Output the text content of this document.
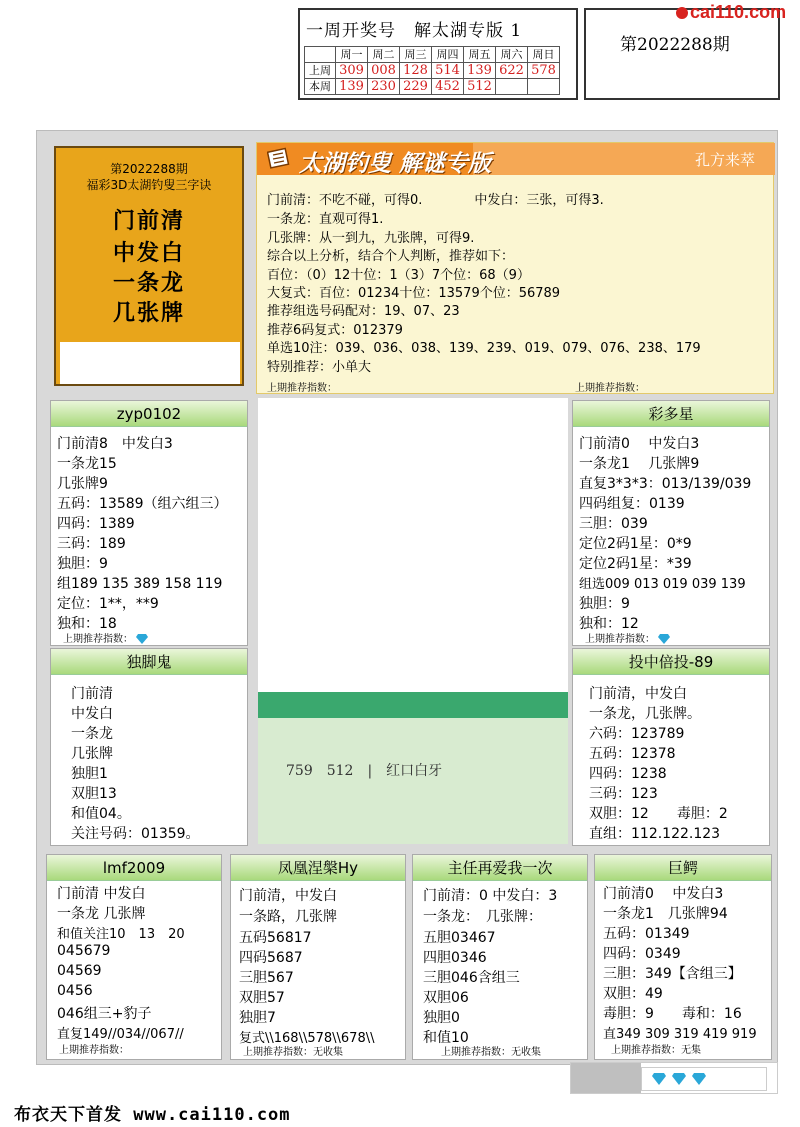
一周开奖号　解太湖专版 1
	周一	周二	周三	周四	周五	周六	周日
上周	309	008	128	514	139	622	578
本周	139	230	229	452	512		
第2022288期
cai110.com
第2022288期
福彩3D太湖钓叟三字诀
门前清
中发白
一条龙
几张牌
太湖钓叟 解谜专版	孔方来萃
门前清：不吃不碰，可得0.　　　　中发白：三张，可得3.
一条龙：直观可得1.
几张牌：从一到九，九张牌，可得9.
综合以上分析，结合个人判断，推荐如下：
百位：（0）12十位：1（3）7个位：68（9）
大复式：百位：01234十位：13579个位：56789
推荐组选号码配对：19、07、23
推荐6码复式：012379
单选10注：039、036、038、139、239、019、079、076、238、179
特别推荐：小单大
上期推荐指数：	上期推荐指数：
zyp0102
门前清8　中发白3
一条龙15
几张牌9
五码：13589（组六组三）
四码：1389
三码：189
独胆：9
组189 135 389 158 119
定位：1**，**9
独和：18
上期推荐指数：
彩多星
门前清0　 中发白3
一条龙1　 几张牌9
直复3*3*3：013/139/039
四码组复：0139
三胆：039
定位2码1星：0*9
定位2码1星：*39
组选009 013 019 039 139
独胆：9
独和：12
上期推荐指数：
独脚鬼
门前清
中发白
一条龙
几张牌
独胆1
双胆13
和值04。
关注号码：01359。
投中倍投-89
门前清，中发白
一条龙，几张牌。
六码：123789
五码：12378
四码：1238
三码：123
双胆：12　　毒胆：2
直组：112.122.123
759　512　|　红口白牙
lmf2009
门前清 中发白
一条龙 几张牌
和值关注10　13　20
045679
04569
0456
046组三+豹子
直复149//034//067//
上期推荐指数：
凤凰涅槃Hy
门前清，中发白
一条路，几张牌
五码56817
四码5687
三胆567
双胆57
独胆7
复式\\168\\578\\678\\
上期推荐指数：无收集
主任再爱我一次
门前清：0 中发白：3
一条龙：　几张牌：
五胆03467
四胆0346
三胆046含组三
双胆06
独胆0
和值10
上期推荐指数：无收集
巨鳄
门前清0　 中发白3
一条龙1　几张牌94
五码：01349
四码：0349
三胆：349【含组三】
双胆：49
毒胆：9　　毒和：16
直349 309 319 419 919
上期推荐指数：无集
布衣天下首发 www.cai110.com
